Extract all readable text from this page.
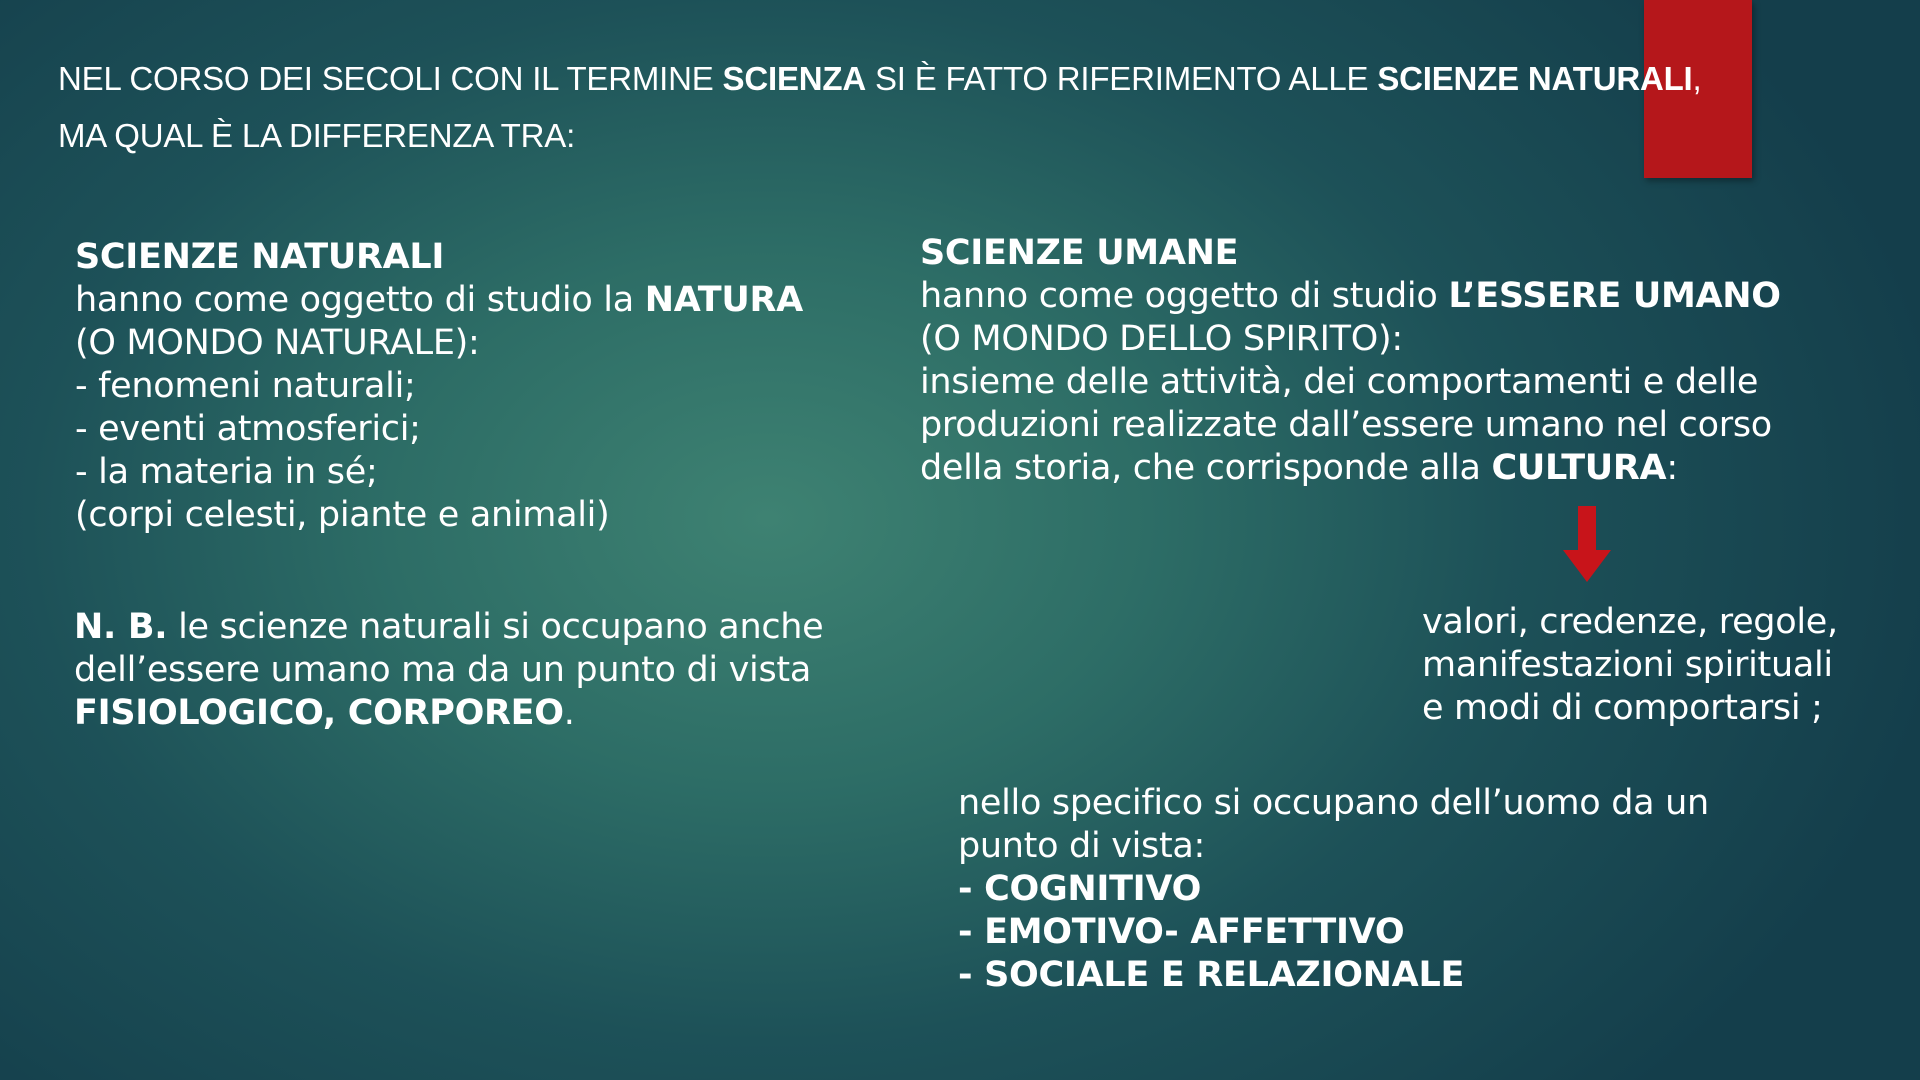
NEL CORSO DEI SECOLI CON IL TERMINE SCIENZA SI È FATTO RIFERIMENTO ALLE SCIENZE NATURALI,
MA QUAL È LA DIFFERENZA TRA:
SCIENZE NATURALI
hanno come oggetto di studio la NATURA
(O MONDO NATURALE):
- fenomeni naturali;
- eventi atmosferici;
- la materia in sé;
(corpi celesti, piante e animali)
N. B. le scienze naturali si occupano anche
dell’essere umano ma da un punto di vista
FISIOLOGICO, CORPOREO.
SCIENZE UMANE
hanno come oggetto di studio L’ESSERE UMANO
(O MONDO DELLO SPIRITO):
insieme delle attività, dei comportamenti e delle
produzioni realizzate dall’essere umano nel corso
della storia, che corrisponde alla CULTURA:
valori, credenze, regole,
manifestazioni spirituali
e modi di comportarsi ;
nello specifico si occupano dell’uomo da un
punto di vista:
- COGNITIVO
- EMOTIVO- AFFETTIVO
- SOCIALE E RELAZIONALE
